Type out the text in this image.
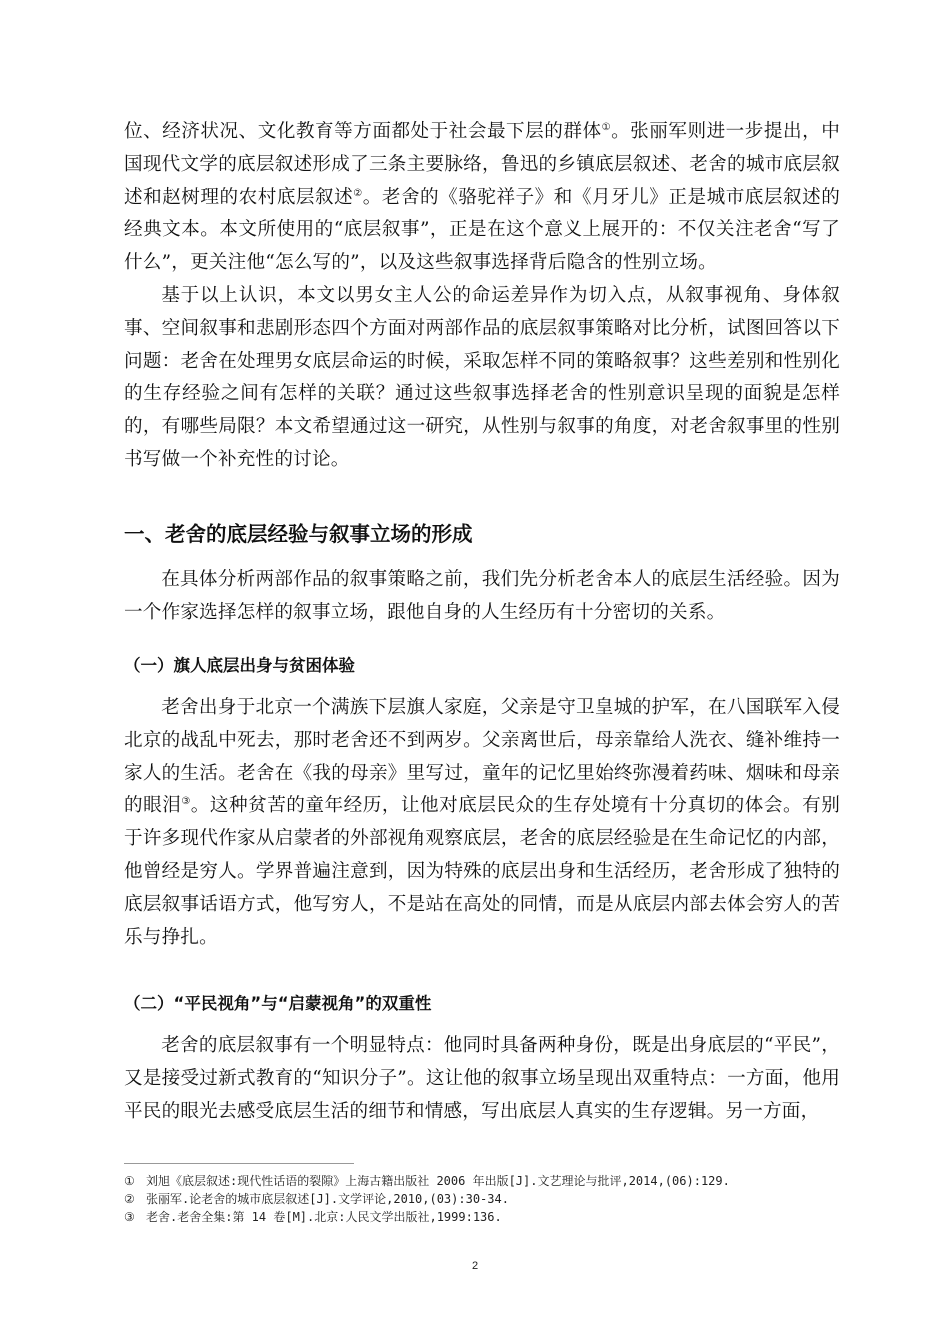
位、经济状况、文化教育等方面都处于社会最下层的群体①。张丽军则进一步提出，中国现代文学的底层叙述形成了三条主要脉络，鲁迅的乡镇底层叙述、老舍的城市底层叙述和赵树理的农村底层叙述②。老舍的《骆驼祥子》和《月牙儿》正是城市底层叙述的经典文本。本文所使用的“底层叙事”，正是在这个意义上展开的：不仅关注老舍“写了什么”，更关注他“怎么写的”，以及这些叙事选择背后隐含的性别立场。

基于以上认识，本文以男女主人公的命运差异作为切入点，从叙事视角、身体叙事、空间叙事和悲剧形态四个方面对两部作品的底层叙事策略对比分析，试图回答以下问题：老舍在处理男女底层命运的时候，采取怎样不同的策略叙事？这些差别和性别化的生存经验之间有怎样的关联？通过这些叙事选择老舍的性别意识呈现的面貌是怎样的，有哪些局限？本文希望通过这一研究，从性别与叙事的角度，对老舍叙事里的性别书写做一个补充性的讨论。

一、老舍的底层经验与叙事立场的形成

在具体分析两部作品的叙事策略之前，我们先分析老舍本人的底层生活经验。因为一个作家选择怎样的叙事立场，跟他自身的人生经历有十分密切的关系。

（一）旗人底层出身与贫困体验

老舍出身于北京一个满族下层旗人家庭，父亲是守卫皇城的护军，在八国联军入侵北京的战乱中死去，那时老舍还不到两岁。父亲离世后，母亲靠给人洗衣、缝补维持一家人的生活。老舍在《我的母亲》里写过，童年的记忆里始终弥漫着药味、烟味和母亲的眼泪③。这种贫苦的童年经历，让他对底层民众的生存处境有十分真切的体会。有别于许多现代作家从启蒙者的外部视角观察底层，老舍的底层经验是在生命记忆的内部，他曾经是穷人。学界普遍注意到，因为特殊的底层出身和生活经历，老舍形成了独特的底层叙事话语方式，他写穷人，不是站在高处的同情，而是从底层内部去体会穷人的苦乐与挣扎。

（二）“平民视角”与“启蒙视角”的双重性

老舍的底层叙事有一个明显特点：他同时具备两种身份，既是出身底层的“平民”，又是接受过新式教育的“知识分子”。这让他的叙事立场呈现出双重特点：一方面，他用平民的眼光去感受底层生活的细节和情感，写出底层人真实的生存逻辑。另一方面，

① 刘旭《底层叙述:现代性话语的裂隙》上海古籍出版社 2006 年出版[J].文艺理论与批评,2014,(06):129.
② 张丽军.论老舍的城市底层叙述[J].文学评论,2010,(03):30-34.
③ 老舍.老舍全集:第 14 卷[M].北京:人民文学出版社,1999:136.
2
